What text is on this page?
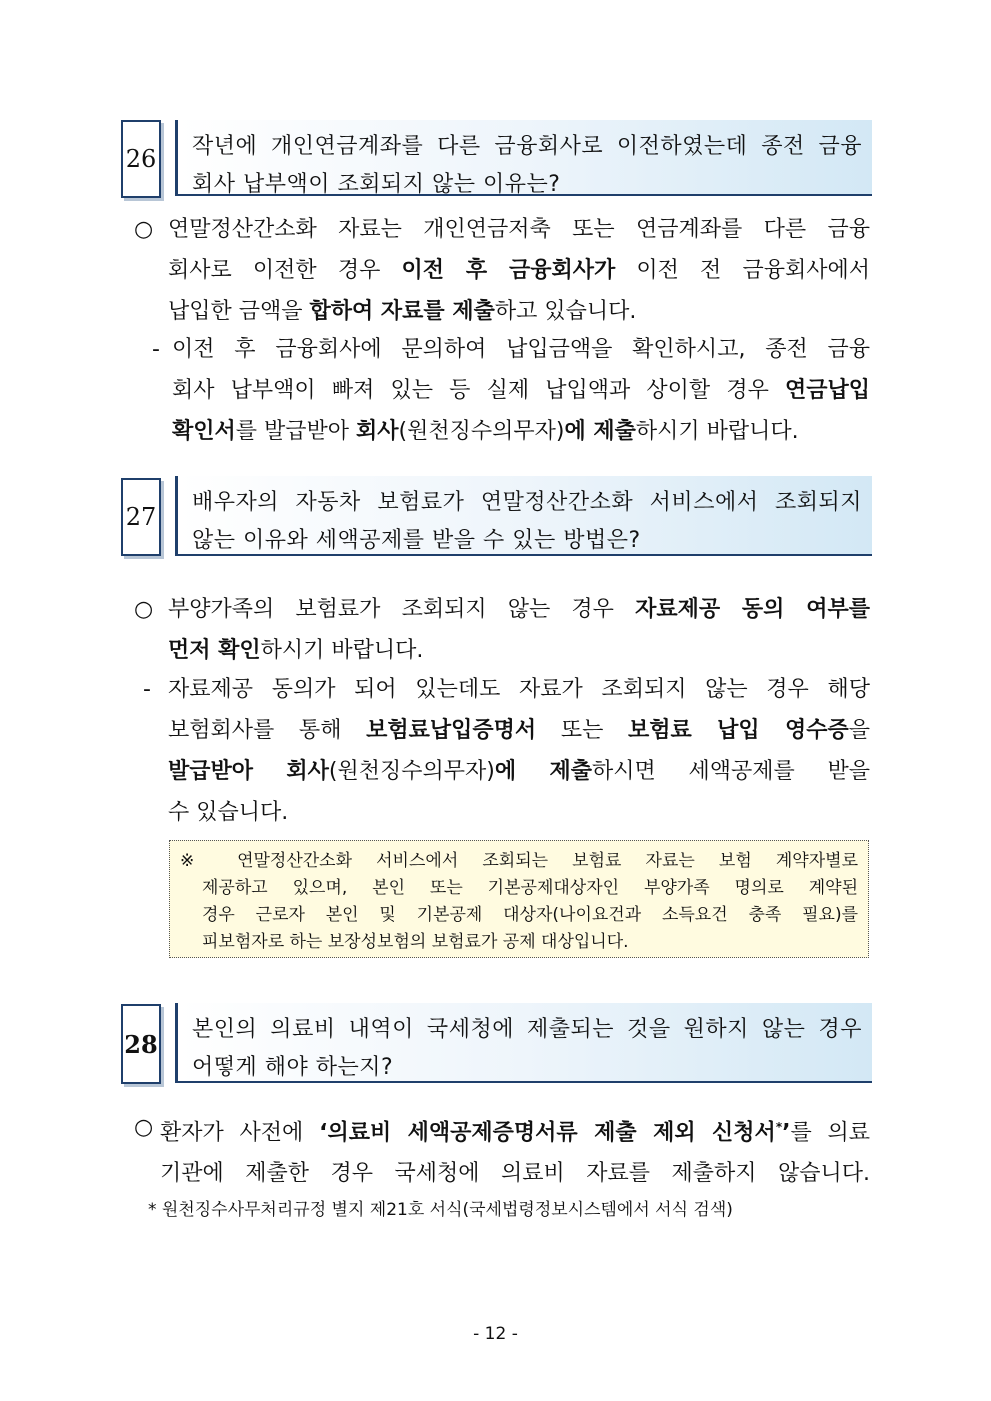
26 작년에 개인연금계좌를 다른 금융회사로 이전하였는데 종전 금융

회사 납부액이 조회되지 않는 이유는?

○ 연말정산간소화 자료는 개인연금저축 또는 연금계좌를 다른 금융
회사로 이전한 경우 이전 후 금융회사가 이전 전 금융회사에서
납입한 금액을 합하여 자료를 제출하고 있습니다.
- 이전 후 금융회사에 문의하여 납입금액을 확인하시고, 종전 금융
회사 납부액이 빠져 있는 등 실제 납입액과 상이할 경우 연금납입
확인서를 발급받아 회사(원천징수의무자)에 제출하시기 바랍니다.
27

배우자의 자동차 보험료가 연말정산간소화 서비스에서 조회되지

않는 이유와 세액공제를 받을 수 있는 방법은?

○ 부양가족의 보험료가 조회되지 않는 경우 자료제공 동의 여부를
먼저 확인하시기 바랍니다.
- 자료제공 동의가 되어 있는데도 자료가 조회되지 않는 경우 해당
보험회사를 통해 보험료납입증명서 또는 보험료 납입 영수증을
발급받아 회사(원천징수의무자)에 제출하시면 세액공제를 받을
수 있습니다.
※ 연말정산간소화 서비스에서 조회되는 보험료 자료는 보험 계약자별로
제공하고 있으며, 본인 또는 기본공제대상자인 부양가족 명의로 계약된
경우 근로자 본인 및 기본공제 대상자(나이요건과 소득요건 충족 필요)를
피보험자로 하는 보장성보험의 보험료가 공제 대상입니다.
28 본인의 의료비 내역이 국세청에 제출되는 것을 원하지 않는 경우

어떻게 해야 하는지?

○ 환자가 사전에 ‘의료비 세액공제증명서류 제출 제외 신청서*’를 의료
기관에 제출한 경우 국세청에 의료비 자료를 제출하지 않습니다.
* 원천징수사무처리규정 별지 제21호 서식(국세법령정보시스템에서 서식 검색)
- 12 -
